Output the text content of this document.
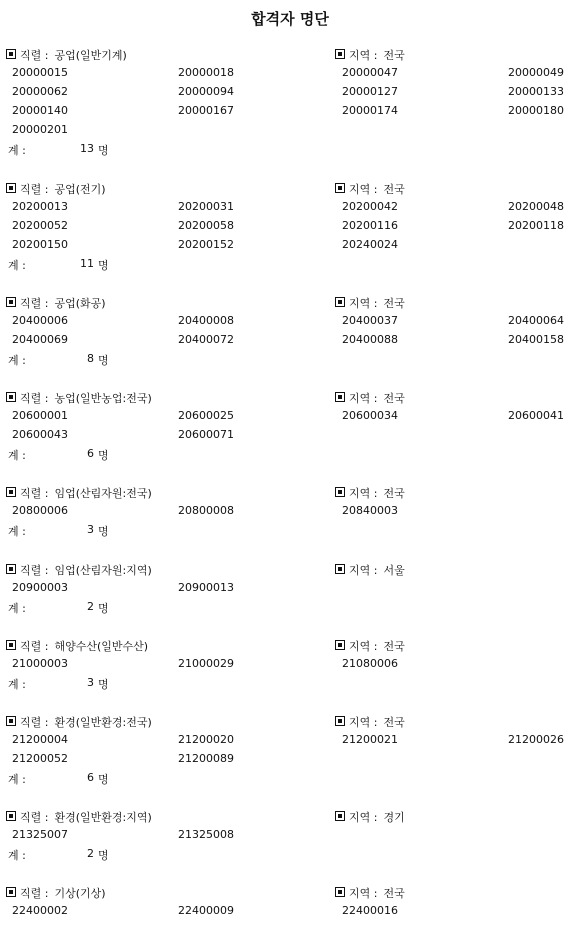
합격자 명단
직렬 : 공업(일반기계)	지역 : 전국
20000015	20000018	20000047	20000049
20000062	20000094	20000127	20000133
20000140	20000167	20000174	20000180
20000201
계 :	13 명
직렬 : 공업(전기)	지역 : 전국
20200013	20200031	20200042	20200048
20200052	20200058	20200116	20200118
20200150	20200152	20240024
계 :	11 명
직렬 : 공업(화공)	지역 : 전국
20400006	20400008	20400037	20400064
20400069	20400072	20400088	20400158
계 :	8 명
직렬 : 농업(일반농업:전국)	지역 : 전국
20600001	20600025	20600034	20600041
20600043	20600071
계 :	6 명
직렬 : 임업(산림자원:전국)	지역 : 전국
20800006	20800008	20840003
계 :	3 명
직렬 : 임업(산림자원:지역)	지역 : 서울
20900003	20900013
계 :	2 명
직렬 : 해양수산(일반수산)	지역 : 전국
21000003	21000029	21080006
계 :	3 명
직렬 : 환경(일반환경:전국)	지역 : 전국
21200004	21200020	21200021	21200026
21200052	21200089
계 :	6 명
직렬 : 환경(일반환경:지역)	지역 : 경기
21325007	21325008
계 :	2 명
직렬 : 기상(기상)	지역 : 전국
22400002	22400009	22400016
